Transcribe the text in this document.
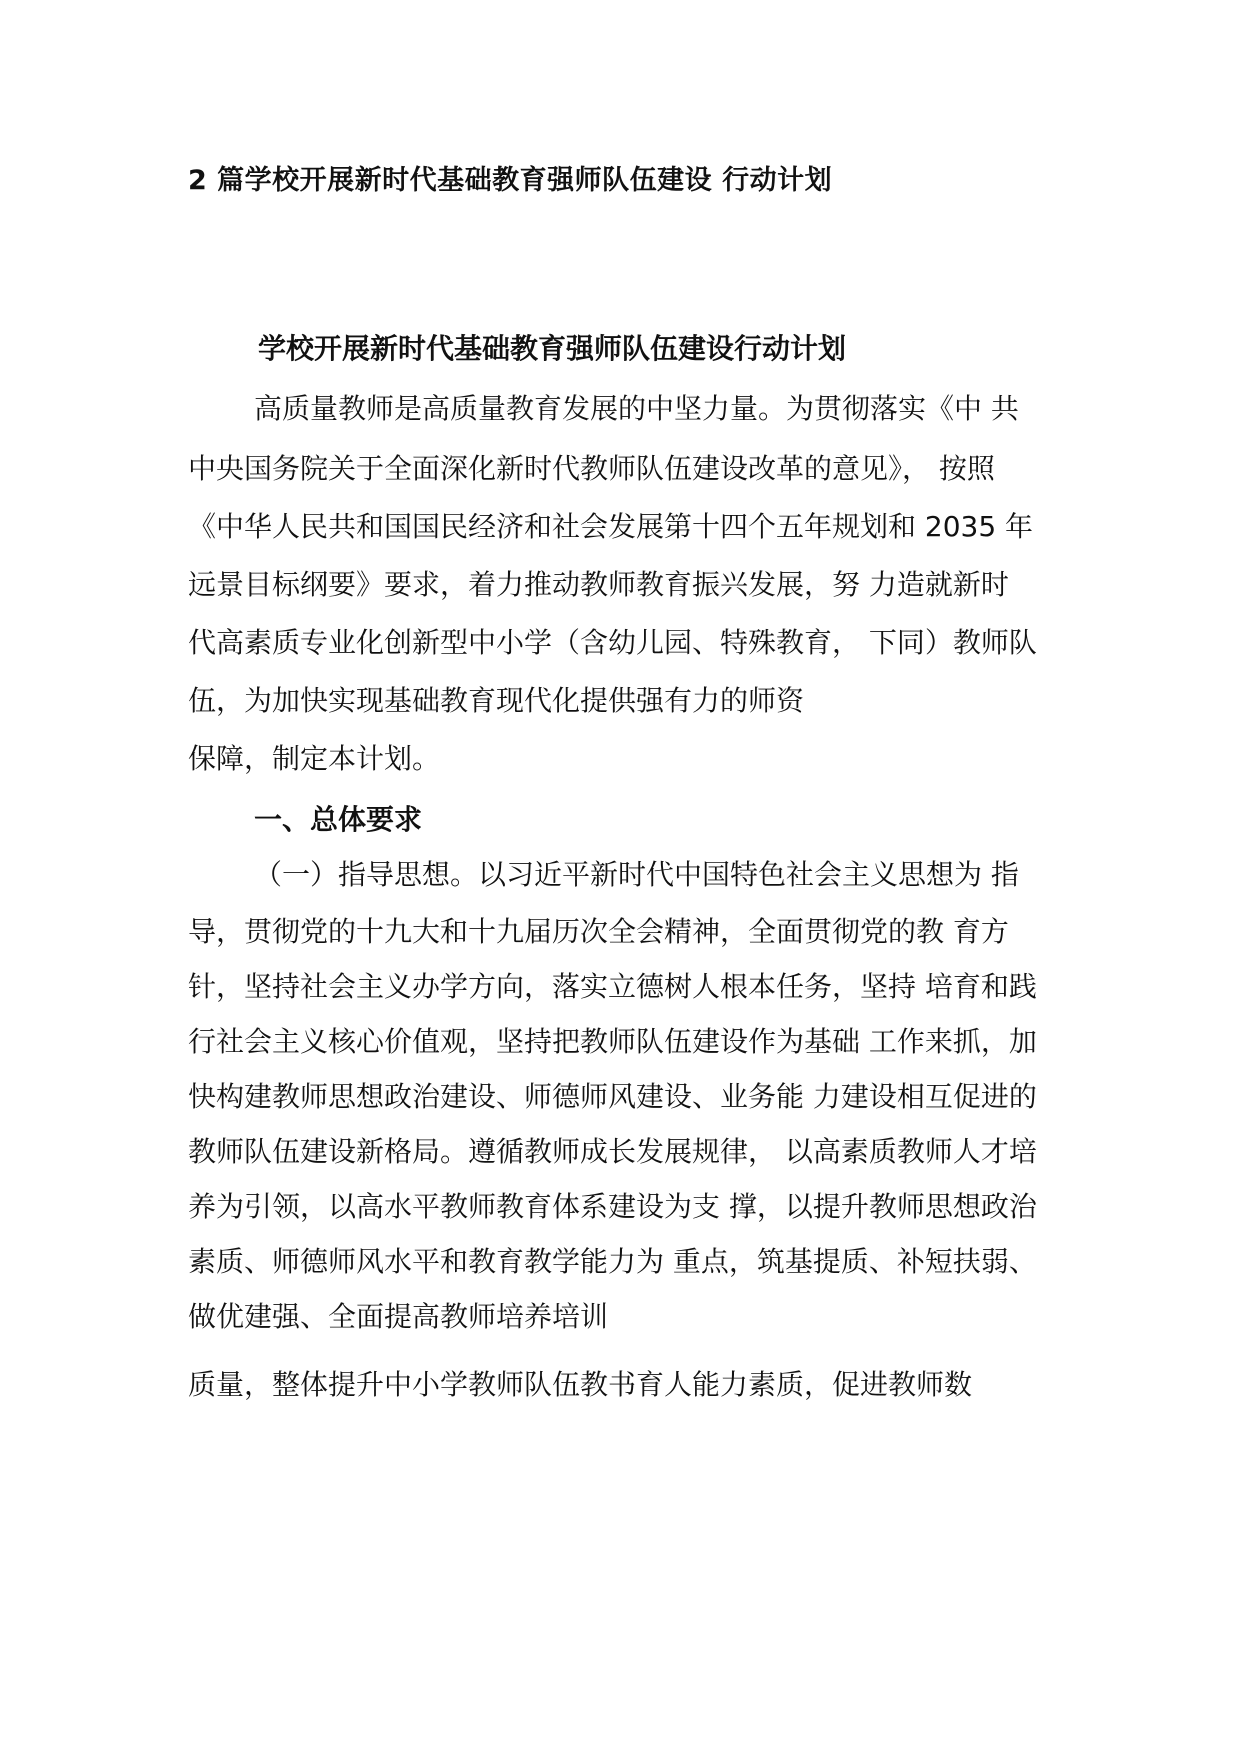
2 篇学校开展新时代基础教育强师队伍建设 行动计划
学校开展新时代基础教育强师队伍建设行动计划
高质量教师是高质量教育发展的中坚力量。为贯彻落实《中 共
中央国务院关于全面深化新时代教师队伍建设改革的意见》， 按照
《中华人民共和国国民经济和社会发展第十四个五年规划和 2035 年
远景目标纲要》要求，着力推动教师教育振兴发展，努 力造就新时
代高素质专业化创新型中小学（含幼儿园、特殊教育， 下同）教师队
伍，为加快实现基础教育现代化提供强有力的师资
保障，制定本计划。
一、总体要求
（一）指导思想。以习近平新时代中国特色社会主义思想为 指
导，贯彻党的十九大和十九届历次全会精神，全面贯彻党的教 育方
针，坚持社会主义办学方向，落实立德树人根本任务，坚持 培育和践
行社会主义核心价值观，坚持把教师队伍建设作为基础 工作来抓，加
快构建教师思想政治建设、师德师风建设、业务能 力建设相互促进的
教师队伍建设新格局。遵循教师成长发展规律， 以高素质教师人才培
养为引领，以高水平教师教育体系建设为支 撑，以提升教师思想政治
素质、师德师风水平和教育教学能力为 重点，筑基提质、补短扶弱、
做优建强、全面提高教师培养培训
质量，整体提升中小学教师队伍教书育人能力素质，促进教师数
